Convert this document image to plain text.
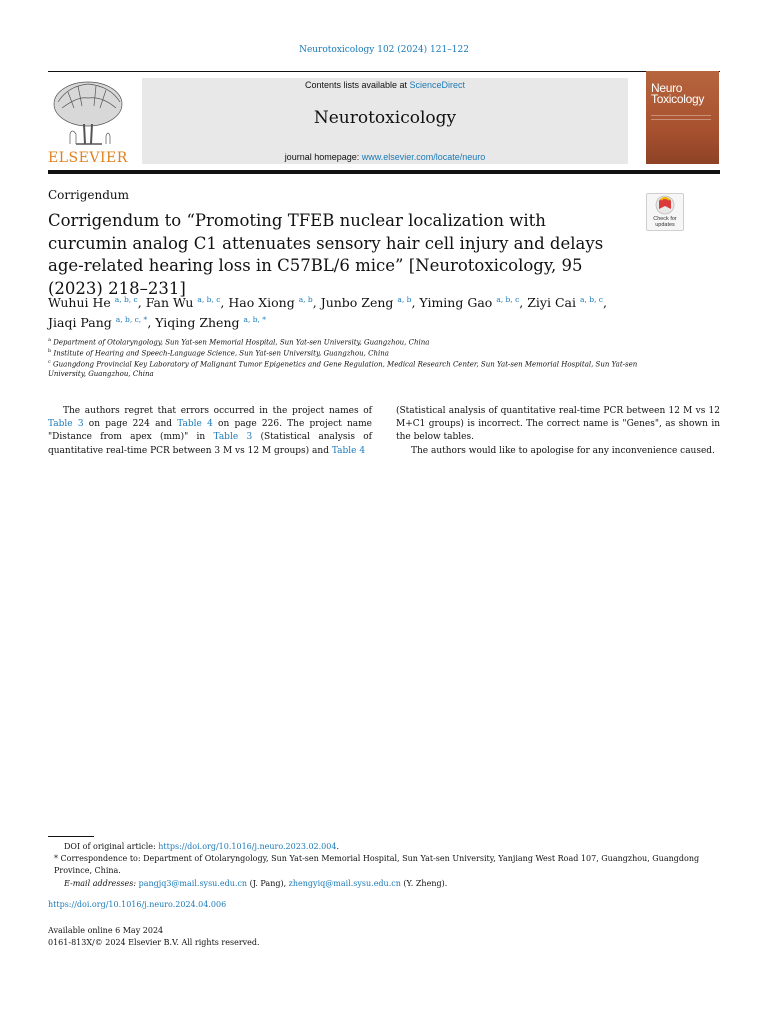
Neurotoxicology 102 (2024) 121–122
ELSEVIER
Contents lists available at ScienceDirect
Neurotoxicology
journal homepage: www.elsevier.com/locate/neuro
Neuro
Toxicology
Corrigendum
Corrigendum to “Promoting TFEB nuclear localization with curcumin analog C1 attenuates sensory hair cell injury and delays age-related hearing loss in C57BL/6 mice” [Neurotoxicology, 95 (2023) 218–231]
Check for updates
Wuhui He $^{a, b, c}$, Fan Wu $^{a, b, c}$, Hao Xiong $^{a, b}$, Junbo Zeng $^{a, b}$, Yiming Gao $^{a, b, c}$, Ziyi Cai $^{a, b, c}$,
Jiaqi Pang $^{a, b, c, *}$, Yiqing Zheng $^{a, b, *}$
$^a$ Department of Otolaryngology, Sun Yat-sen Memorial Hospital, Sun Yat-sen University, Guangzhou, China
$^b$ Institute of Hearing and Speech-Language Science, Sun Yat-sen University, Guangzhou, China
$^c$ Guangdong Provincial Key Laboratory of Malignant Tumor Epigenetics and Gene Regulation, Medical Research Center, Sun Yat-sen Memorial Hospital, Sun Yat-sen University, Guangzhou, China

The authors regret that errors occurred in the project names of Table 3 on page 224 and Table 4 on page 226. The project name "Distance from apex (mm)" in Table 3 (Statistical analysis of quantitative real-time PCR between 3 M vs 12 M groups) and Table 4

(Statistical analysis of quantitative real-time PCR between 12 M vs 12 M+C1 groups) is incorrect. The correct name is "Genes", as shown in the below tables.

The authors would like to apologise for any inconvenience caused.

DOI of original article: https://doi.org/10.1016/j.neuro.2023.02.004.
* Correspondence to: Department of Otolaryngology, Sun Yat-sen Memorial Hospital, Sun Yat-sen University, Yanjiang West Road 107, Guangzhou, Guangdong Province, China.
E-mail addresses: pangjq3@mail.sysu.edu.cn (J. Pang), zhengyiq@mail.sysu.edu.cn (Y. Zheng).
https://doi.org/10.1016/j.neuro.2024.04.006
Available online 6 May 2024
0161-813X/© 2024 Elsevier B.V. All rights reserved.
